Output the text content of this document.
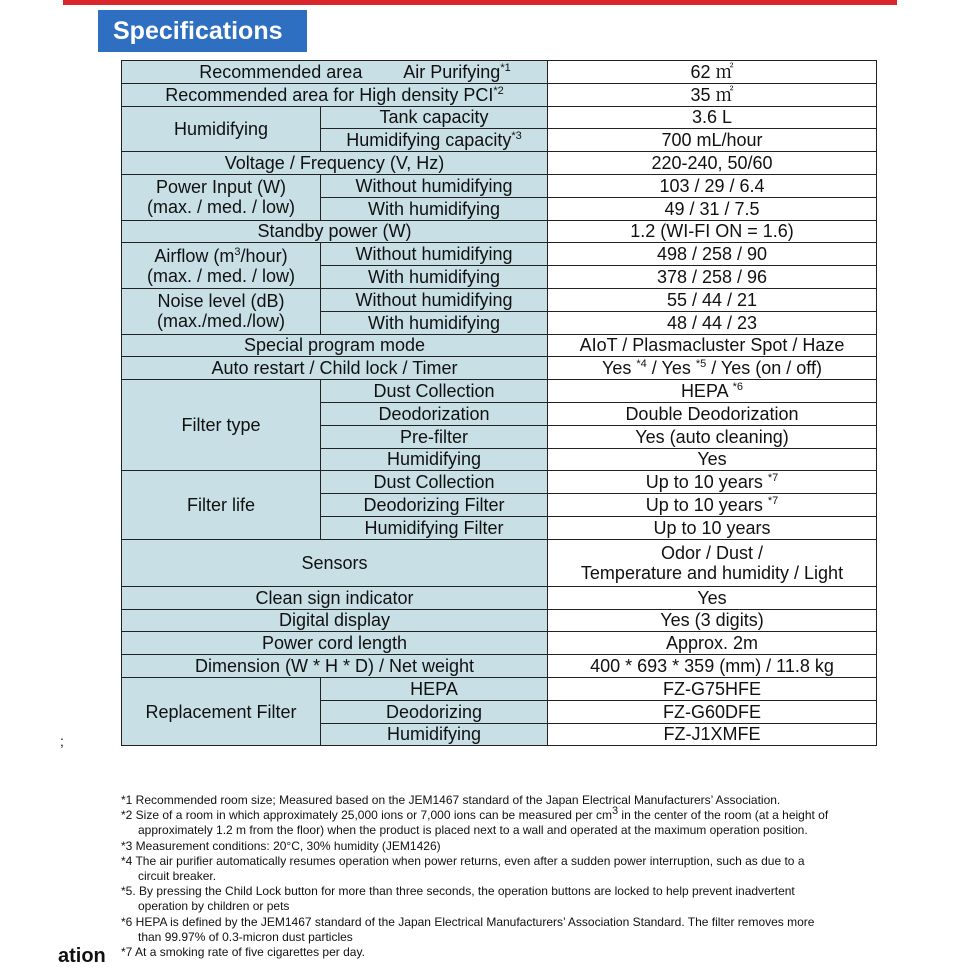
Specifications
Recommended area Air Purifying$^{*1}$		62 ㎡
Recommended area for High density PCI$^{*2}$		35 ㎡
Humidifying	Tank capacity	3.6 L
	Humidifying capacity$^{*3}$	700 mL/hour
Voltage / Frequency (V, Hz)		220-240, 50/60
Power Input (W)
(max. / med. / low)	Without humidifying	103 / 29 / 6.4
	With humidifying	49 / 31 / 7.5
Standby power (W)		1.2 (WI-FI ON = 1.6)
Airflow $(m^3/hour)$
(max. / med. / low)	Without humidifying	498 / 258 / 90
	With humidifying	378 / 258 / 96
Noise level (dB)
(max./med./low)	Without humidifying	55 / 44 / 21
	With humidifying	48 / 44 / 23
Special program mode		AIoT / Plasmacluster Spot / Haze
Auto restart / Child lock / Timer		Yes $^{*4}$ / Yes $^{*5}$ / Yes (on / off)
Filter type	Dust Collection	HEPA $^{*6}$
	Deodorization	Double Deodorization
	Pre-filter	Yes (auto cleaning)
	Humidifying	Yes
Filter life	Dust Collection	Up to 10 years $^{*7}$
	Deodorizing Filter	Up to 10 years $^{*7}$
	Humidifying Filter	Up to 10 years
Sensors		Odor / Dust /
Temperature and humidity / Light
Clean sign indicator		Yes
Digital display		Yes (3 digits)
Power cord length		Approx. 2m
Dimension (W * H * D) / Net weight		400 * 693 * 359 (mm) / 11.8 kg
Replacement Filter	HEPA	FZ-G75HFE
	Deodorizing	FZ-G60DFE
	Humidifying	FZ-J1XMFE
;

*1 Recommended room size; Measured based on the JEM1467 standard of the Japan Electrical Manufacturers’ Association.

*2 Size of a room in which approximately 25,000 ions or 7,000 ions can be measured per $cm^3$ in the center of the room (at a height of

approximately 1.2 m from the floor) when the product is placed next to a wall and operated at the maximum operation position.

*3 Measurement conditions: 20°C, 30% humidity (JEM1426)

*4 The air purifier automatically resumes operation when power returns, even after a sudden power interruption, such as due to a

circuit breaker.

*5. By pressing the Child Lock button for more than three seconds, the operation buttons are locked to help prevent inadvertent

operation by children or pets

*6 HEPA is defined by the JEM1467 standard of the Japan Electrical Manufacturers’ Association Standard. The filter removes more

than 99.97% of 0.3-micron dust particles

*7 At a smoking rate of five cigarettes per day.

ation
